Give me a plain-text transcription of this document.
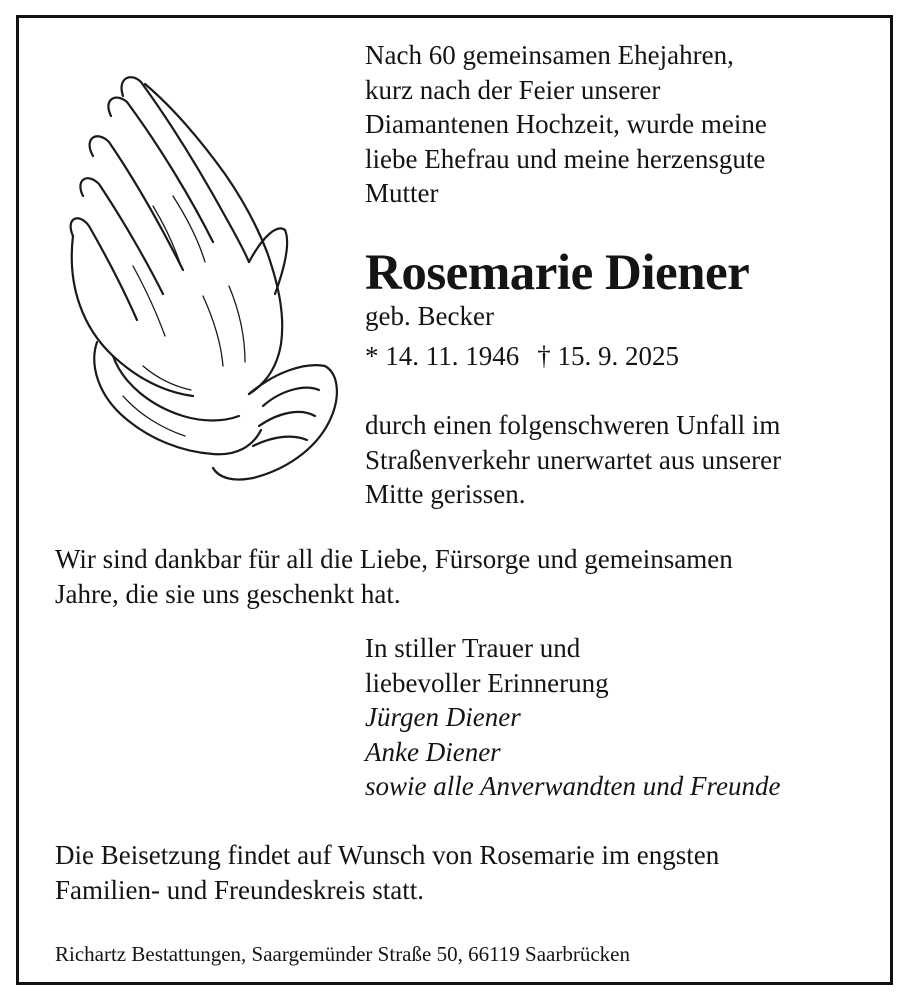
Nach 60 gemeinsamen Ehejahren,
kurz nach der Feier unserer
Diamantenen Hochzeit, wurde meine
liebe Ehefrau und meine herzensgute
Mutter
Rosemarie Diener
geb. Becker
* 14. 11. 1946 † 15. 9. 2025
durch einen folgenschweren Unfall im
Straßenverkehr unerwartet aus unserer
Mitte gerissen.
Wir sind dankbar für all die Liebe, Fürsorge und gemeinsamen
Jahre, die sie uns geschenkt hat.
In stiller Trauer und
liebevoller Erinnerung
Jürgen Diener
Anke Diener
sowie alle Anverwandten und Freunde
Die Beisetzung findet auf Wunsch von Rosemarie im engsten
Familien- und Freundeskreis statt.
Richartz Bestattungen, Saargemünder Straße 50, 66119 Saarbrücken
